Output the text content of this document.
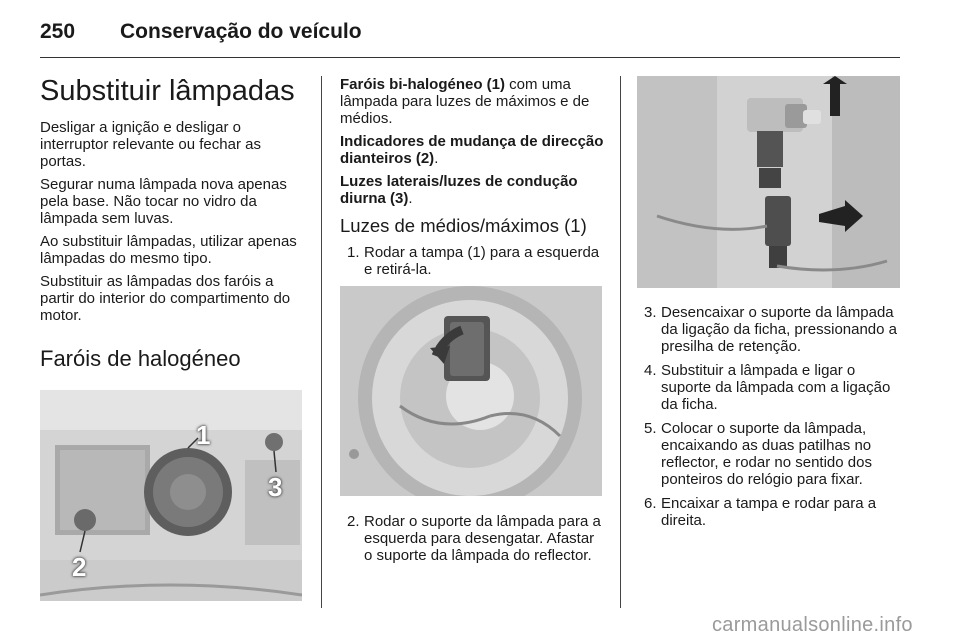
250 Conservação do veículo
Substituir lâmpadas

Desligar a ignição e desligar o interruptor relevante ou fechar as portas.

Segurar numa lâmpada nova apenas pela base. Não tocar no vidro da lâmpada sem luvas.

Ao substituir lâmpadas, utilizar apenas lâmpadas do mesmo tipo.

Substituir as lâmpadas dos faróis a partir do interior do compartimento do motor.

Faróis de halogéneo
1
2
3

Faróis bi-halogéneo (1) com uma lâmpada para luzes de máximos e de médios.

Indicadores de mudança de direcção dianteiros (2).

Luzes laterais/luzes de condução diurna (3).

Luzes de médios/máximos (1)
1. Rodar a tampa (1) para a esquerda e retirá-la.
2. Rodar o suporte da lâmpada para a esquerda para desengatar. Afastar o suporte da lâmpada do reflector.
3. Desencaixar o suporte da lâmpada da ligação da ficha, pressionando a presilha de retenção.
4. Substituir a lâmpada e ligar o suporte da lâmpada com a ligação da ficha.
5. Colocar o suporte da lâmpada, encaixando as duas patilhas no reflector, e rodar no sentido dos ponteiros do relógio para fixar.
6. Encaixar a tampa e rodar para a direita.
carmanualsonline.info
